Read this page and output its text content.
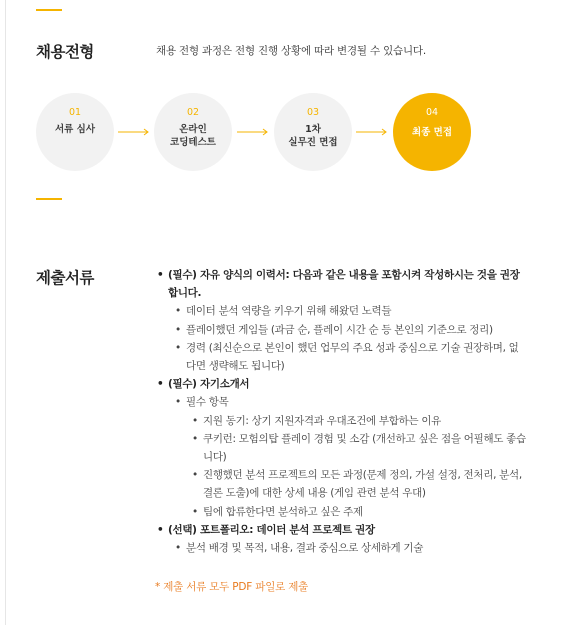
채용전형	채용 전형 과정은 전형 진행 상황에 따라 변경될 수 있습니다.
01
서류 심사
02
온라인
코딩테스트
03
1차
실무진 면접
04
최종 면접
제출서류	• (필수) 자유 양식의 이력서: 다음과 같은 내용을 포함시켜 작성하시는 것을 권장합니다.
• 데이터 분석 역량을 키우기 위해 해왔던 노력들
• 플레이했던 게임들 (과금 순, 플레이 시간 순 등 본인의 기준으로 정리)
• 경력 (최신순으로 본인이 했던 업무의 주요 성과 중심으로 기술 권장하며, 없다면 생략해도 됩니다)
• (필수) 자기소개서
• 필수 항목
• 지원 동기: 상기 지원자격과 우대조건에 부합하는 이유
• 쿠키런: 모험의탑 플레이 경험 및 소감 (개선하고 싶은 점을 어필해도 좋습니다)
• 진행했던 분석 프로젝트의 모든 과정(문제 정의, 가설 설정, 전처리, 분석, 결론 도출)에 대한 상세 내용 (게임 관련 분석 우대)
• 팀에 합류한다면 분석하고 싶은 주제
• (선택) 포트폴리오: 데이터 분석 프로젝트 권장
• 분석 배경 및 목적, 내용, 결과 중심으로 상세하게 기술
* 제출 서류 모두 PDF 파일로 제출
